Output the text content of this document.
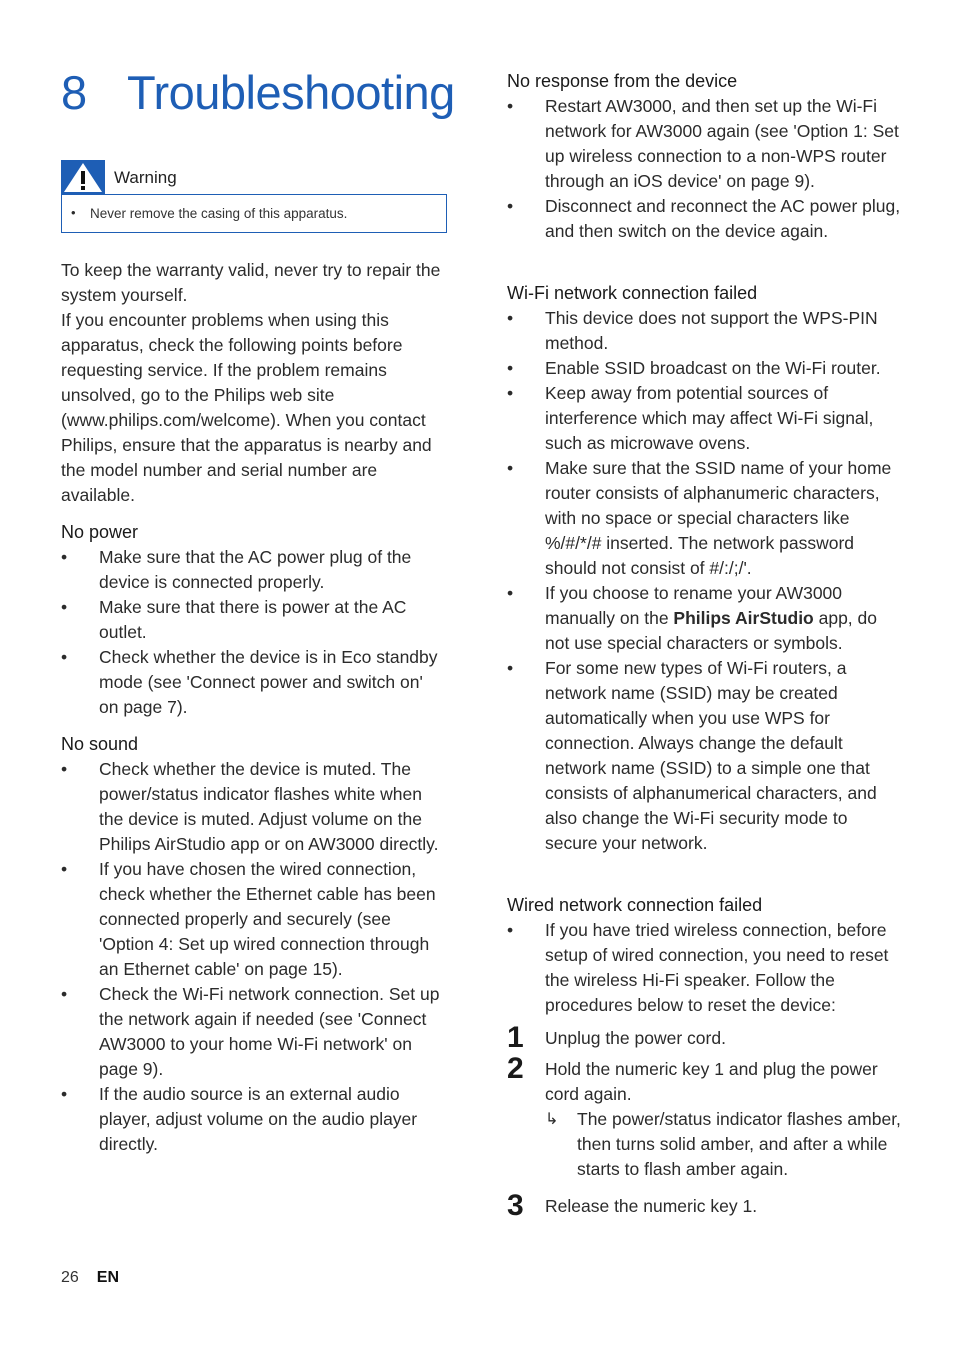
8 Troubleshooting
Warning
• Never remove the casing of this apparatus.
To keep the warranty valid, never try to repair the system yourself.
If you encounter problems when using this apparatus, check the following points before requesting service. If the problem remains unsolved, go to the Philips web site (www.philips.com/welcome). When you contact Philips, ensure that the apparatus is nearby and the model number and serial number are available.
No power
• Make sure that the AC power plug of the device is connected properly.
• Make sure that there is power at the AC outlet.
• Check whether the device is in Eco standby mode (see 'Connect power and switch on' on page 7).
No sound
• Check whether the device is muted. The power/status indicator flashes white when the device is muted. Adjust volume on the Philips AirStudio app or on AW3000 directly.
• If you have chosen the wired connection, check whether the Ethernet cable has been connected properly and securely (see 'Option 4: Set up wired connection through an Ethernet cable' on page 15).
• Check the Wi-Fi network connection. Set up the network again if needed (see 'Connect AW3000 to your home Wi-Fi network' on page 9).
• If the audio source is an external audio player, adjust volume on the audio player directly.
No response from the device
• Restart AW3000, and then set up the Wi-Fi network for AW3000 again (see 'Option 1: Set up wireless connection to a non-WPS router through an iOS device' on page 9).
• Disconnect and reconnect the AC power plug, and then switch on the device again.
Wi-Fi network connection failed
• This device does not support the WPS-PIN method.
• Enable SSID broadcast on the Wi-Fi router.
• Keep away from potential sources of interference which may affect Wi-Fi signal, such as microwave ovens.
• Make sure that the SSID name of your home router consists of alphanumeric characters, with no space or special characters like %/#/*/# inserted. The network password should not consist of #/:/;/'.
• If you choose to rename your AW3000 manually on the Philips AirStudio app, do not use special characters or symbols.
• For some new types of Wi-Fi routers, a network name (SSID) may be created automatically when you use WPS for connection. Always change the default network name (SSID) to a simple one that consists of alphanumerical characters, and also change the Wi-Fi security mode to secure your network.
Wired network connection failed
• If you have tried wireless connection, before setup of wired connection, you need to reset the wireless Hi-Fi speaker. Follow the procedures below to reset the device:
1 Unplug the power cord.
2 Hold the numeric key 1 and plug the power cord again.
↳ The power/status indicator flashes amber, then turns solid amber, and after a while starts to flash amber again.
3 Release the numeric key 1.
26 EN
